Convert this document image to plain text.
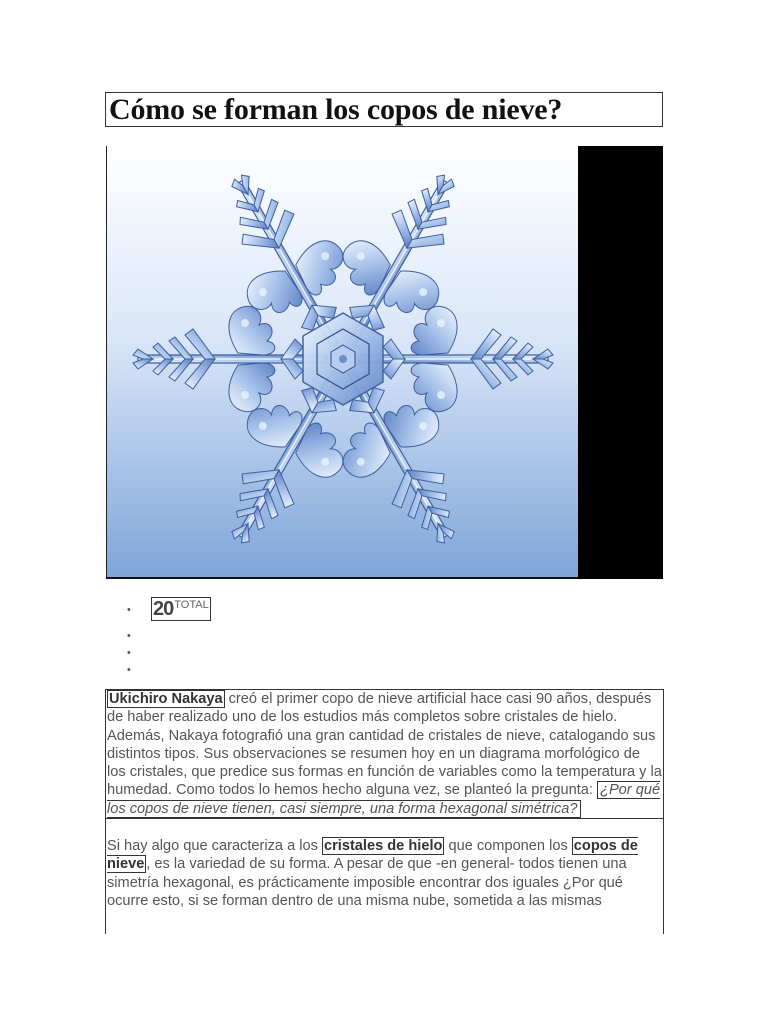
Cómo se forman los copos de nieve?
20 TOTAL

Ukichiro Nakaya creó el primer copo de nieve artificial hace casi 90 años, después de haber realizado uno de los estudios más completos sobre cristales de hielo. Además, Nakaya fotografió una gran cantidad de cristales de nieve, catalogando sus distintos tipos. Sus observaciones se resumen hoy en un diagrama morfológico de los cristales, que predice sus formas en función de variables como la temperatura y la humedad. Como todos lo hemos hecho alguna vez, se planteó la pregunta: ¿Por qué los copos de nieve tienen, casi siempre, una forma hexagonal simétrica?

Si hay algo que caracteriza a los cristales de hielo que componen los copos de nieve , es la variedad de su forma. A pesar de que -en general- todos tienen una simetría hexagonal, es prácticamente imposible encontrar dos iguales ¿Por qué ocurre esto, si se forman dentro de una misma nube, sometida a las mismas
